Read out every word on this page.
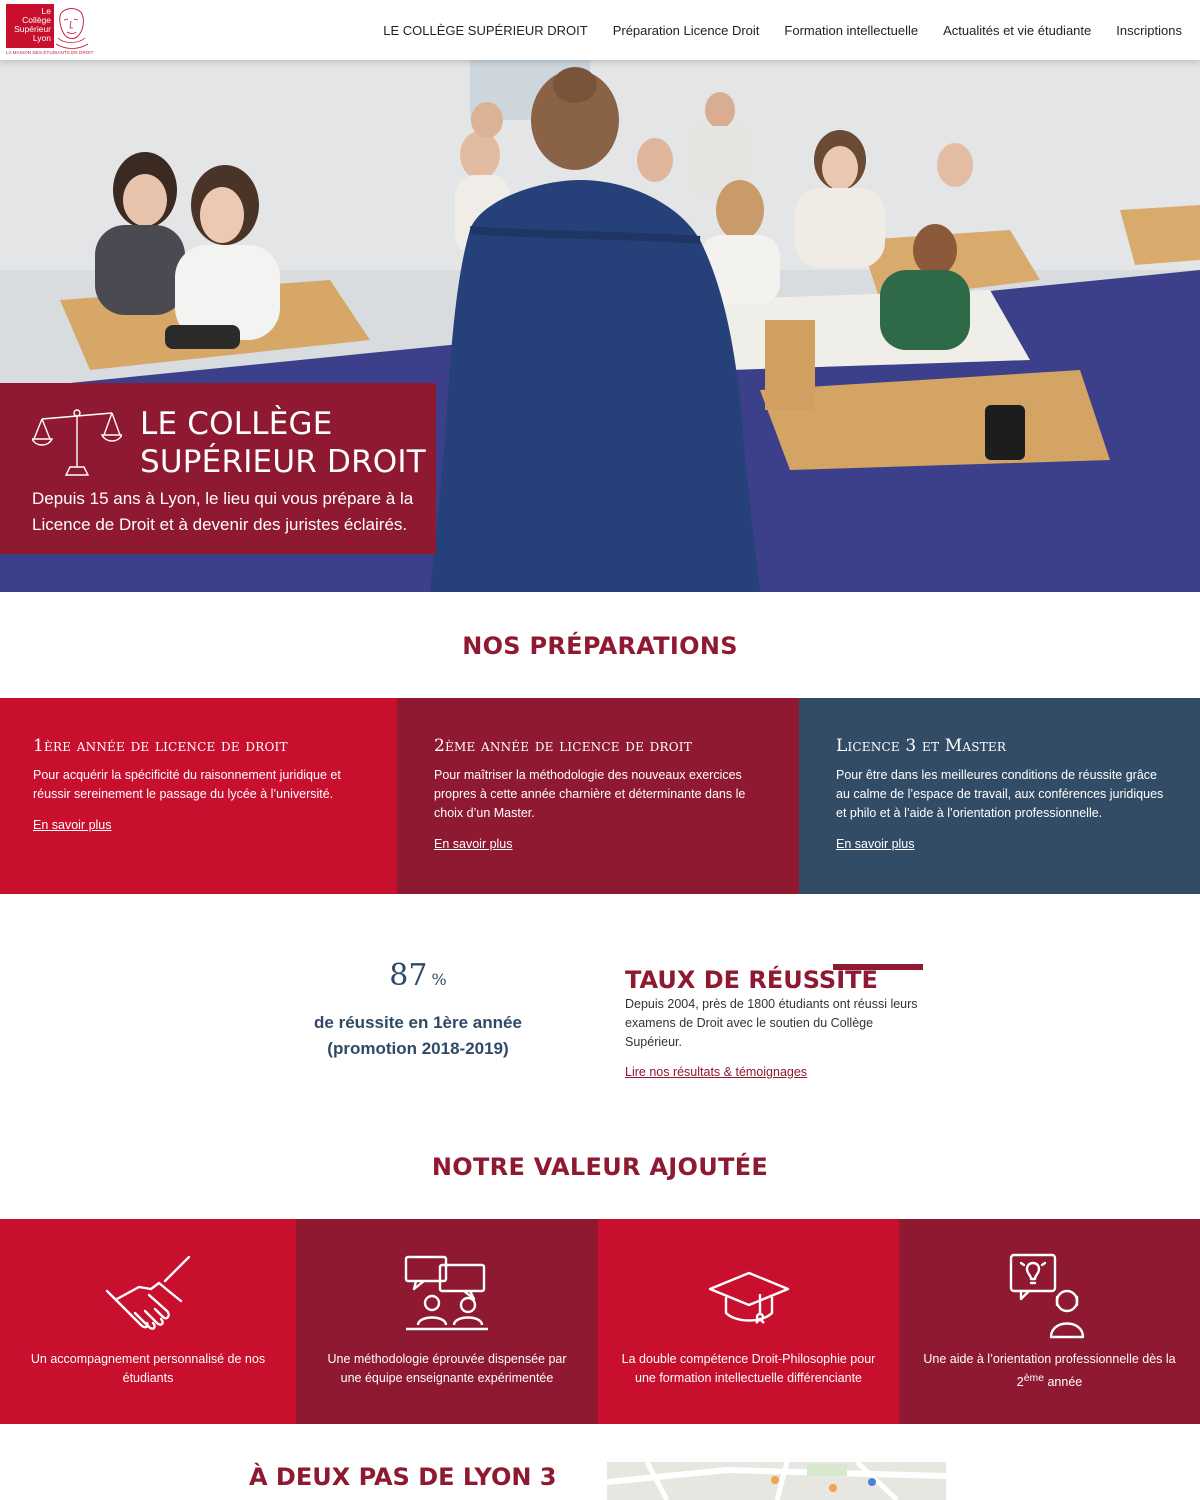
Le
Collège
Supérieur
Lyon
LA MAISON DES ÉTUDIANTS EN DROIT
LE COLLÈGE SUPÉRIEUR DROIT Préparation Licence Droit Formation intellectuelle Actualités et vie étudiante Inscriptions
LE COLLÈGE
SUPÉRIEUR DROIT

Depuis 15 ans à Lyon, le lieu qui vous prépare à la Licence de Droit et à devenir des juristes éclairés.

NOS PRÉPARATIONS
1ère année de licence de droit

Pour acquérir la spécificité du raisonnement juridique et réussir sereinement le passage du lycée à l’université.

En savoir plus
2ème année de licence de droit

Pour maîtriser la méthodologie des nouveaux exercices propres à cette année charnière et déterminante dans le choix d’un Master.

En savoir plus
Licence 3 et Master

Pour être dans les meilleures conditions de réussite grâce au calme de l’espace de travail, aux conférences juridiques et philo et à l’aide à l’orientation professionnelle.

En savoir plus
87 %
de réussite en 1ère année
(promotion 2018-2019)
TAUX DE RÉUSSITE

Depuis 2004, près de 1800 étudiants ont réussi leurs examens de Droit avec le soutien du Collège Supérieur.

Lire nos résultats & témoignages
NOTRE VALEUR AJOUTÉE

Un accompagnement personnalisé de nos étudiants

Une méthodologie éprouvée dispensée par une équipe enseignante expérimentée

La double compétence Droit-Philosophie pour une formation intellectuelle différenciante

Une aide à l’orientation professionnelle dès la 2ème année

À DEUX PAS DE LYON 3
